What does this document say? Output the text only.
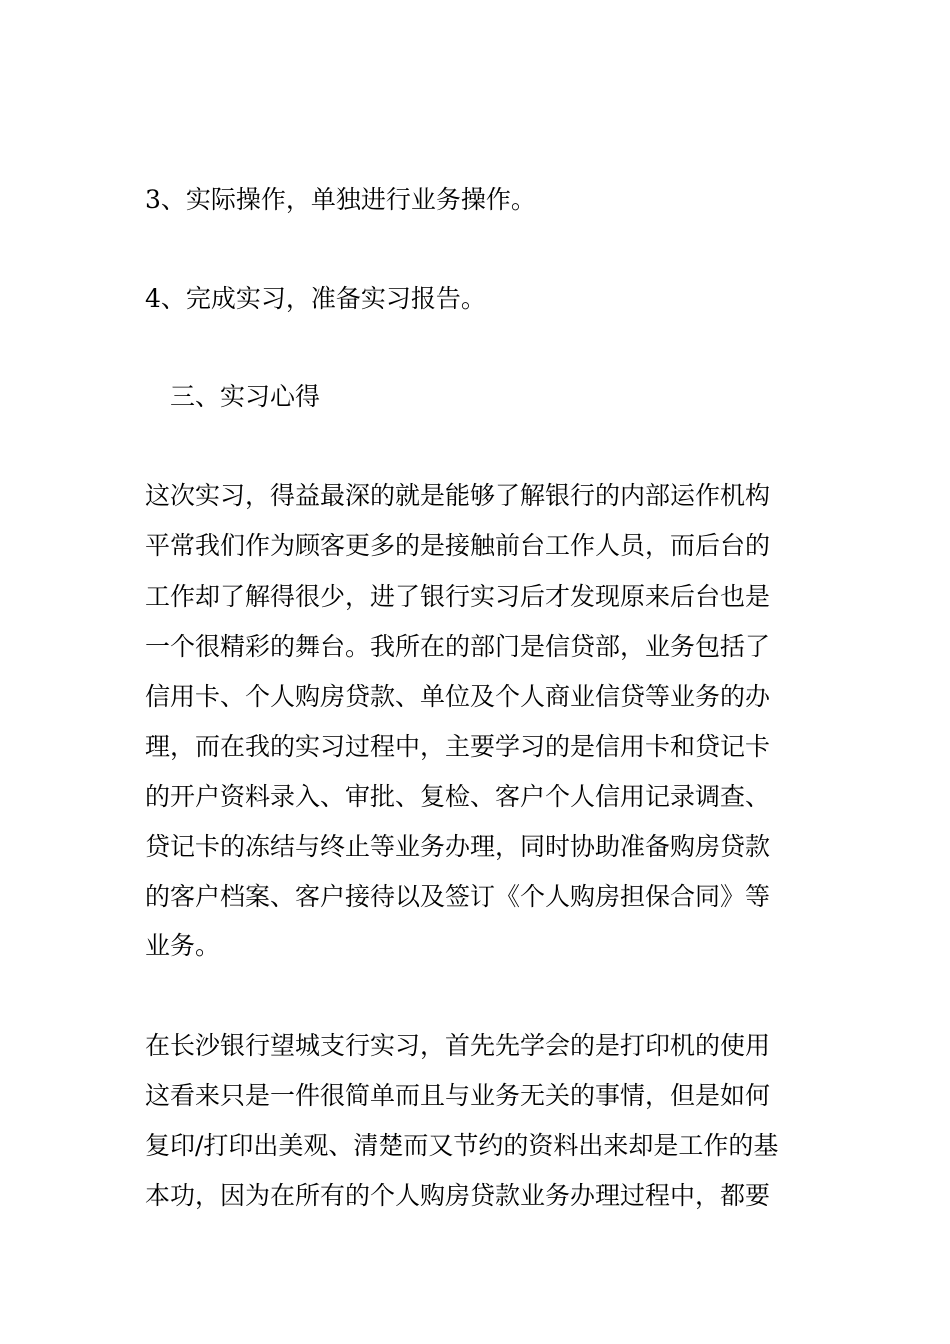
3、实际操作，单独进行业务操作。
4、完成实习，准备实习报告。
三、实习心得
这次实习，得益最深的就是能够了解银行的内部运作机构
平常我们作为顾客更多的是接触前台工作人员，而后台的
工作却了解得很少，进了银行实习后才发现原来后台也是
一个很精彩的舞台。我所在的部门是信贷部，业务包括了
信用卡、个人购房贷款、单位及个人商业信贷等业务的办
理，而在我的实习过程中，主要学习的是信用卡和贷记卡
的开户资料录入、审批、复检、客户个人信用记录调查、
贷记卡的冻结与终止等业务办理，同时协助准备购房贷款
的客户档案、客户接待以及签订《个人购房担保合同》等
业务。
在长沙银行望城支行实习，首先先学会的是打印机的使用
这看来只是一件很简单而且与业务无关的事情，但是如何
复印/打印出美观、清楚而又节约的资料出来却是工作的基
本功，因为在所有的个人购房贷款业务办理过程中，都要
